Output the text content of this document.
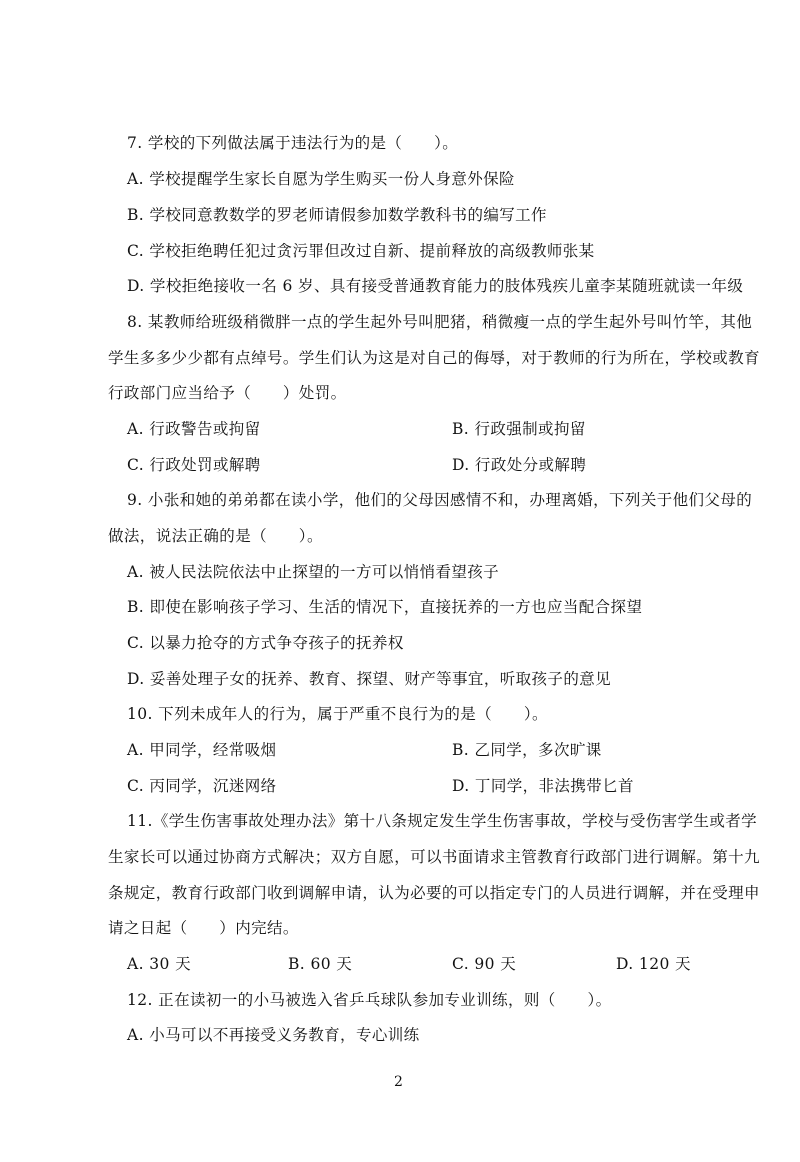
7. 学校的下列做法属于违法行为的是（　　）。
A. 学校提醒学生家长自愿为学生购买一份人身意外保险
B. 学校同意教数学的罗老师请假参加数学教科书的编写工作
C. 学校拒绝聘任犯过贪污罪但改过自新、提前释放的高级教师张某
D. 学校拒绝接收一名 6 岁、具有接受普通教育能力的肢体残疾儿童李某随班就读一年级
8. 某教师给班级稍微胖一点的学生起外号叫肥猪，稍微瘦一点的学生起外号叫竹竿，其他
学生多多少少都有点绰号。学生们认为这是对自己的侮辱，对于教师的行为所在，学校或教育
行政部门应当给予（　　）处罚。
A. 行政警告或拘留	B. 行政强制或拘留
C. 行政处罚或解聘	D. 行政处分或解聘
9. 小张和她的弟弟都在读小学，他们的父母因感情不和，办理离婚，下列关于他们父母的
做法，说法正确的是（　　）。
A. 被人民法院依法中止探望的一方可以悄悄看望孩子
B. 即使在影响孩子学习、生活的情况下，直接抚养的一方也应当配合探望
C. 以暴力抢夺的方式争夺孩子的抚养权
D. 妥善处理子女的抚养、教育、探望、财产等事宜，听取孩子的意见
10. 下列未成年人的行为，属于严重不良行为的是（　　）。
A. 甲同学，经常吸烟	B. 乙同学，多次旷课
C. 丙同学，沉迷网络	D. 丁同学，非法携带匕首
11.《学生伤害事故处理办法》第十八条规定发生学生伤害事故，学校与受伤害学生或者学
生家长可以通过协商方式解决；双方自愿，可以书面请求主管教育行政部门进行调解。第十九
条规定，教育行政部门收到调解申请，认为必要的可以指定专门的人员进行调解，并在受理申
请之日起（　　）内完结。
A. 30 天	B. 60 天	C. 90 天	D. 120 天
12. 正在读初一的小马被选入省乒乓球队参加专业训练，则（　　）。
A. 小马可以不再接受义务教育，专心训练
2
